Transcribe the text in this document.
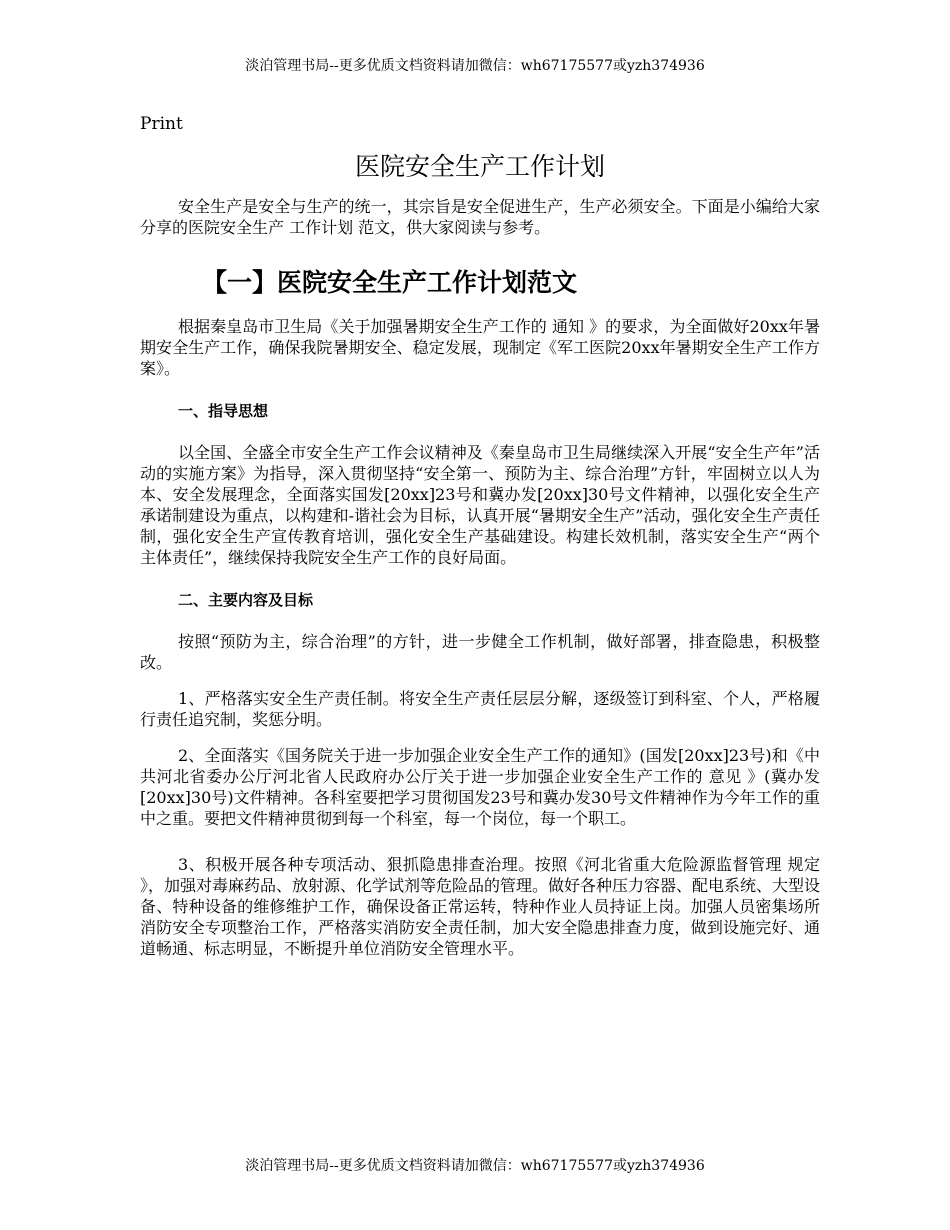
淡泊管理书局--更多优质文档资料请加微信：wh67175577或yzh374936
Print
医院安全生产工作计划

安全生产是安全与生产的统一，其宗旨是安全促进生产，生产必须安全。下面是小编给大家分享的医院安全生产 工作计划 范文，供大家阅读与参考。

【一】医院安全生产工作计划范文

根据秦皇岛市卫生局《关于加强暑期安全生产工作的 通知 》的要求，为全面做好20xx年暑期安全生产工作，确保我院暑期安全、稳定发展，现制定《军工医院20xx年暑期安全生产工作方案》。

一、指导思想

以全国、全盛全市安全生产工作会议精神及《秦皇岛市卫生局继续深入开展“安全生产年”活动的实施方案》为指导，深入贯彻坚持“安全第一、预防为主、综合治理”方针，牢固树立以人为本、安全发展理念，全面落实国发[20xx]23号和冀办发[20xx]30号文件精神，以强化安全生产承诺制建设为重点，以构建和-谐社会为目标，认真开展“暑期安全生产”活动，强化安全生产责任制，强化安全生产宣传教育培训，强化安全生产基础建设。构建长效机制，落实安全生产“两个主体责任”，继续保持我院安全生产工作的良好局面。

二、主要内容及目标

按照“预防为主，综合治理”的方针，进一步健全工作机制，做好部署，排查隐患，积极整改。

1、严格落实安全生产责任制。将安全生产责任层层分解，逐级签订到科室、个人，严格履行责任追究制，奖惩分明。

2、全面落实《国务院关于进一步加强企业安全生产工作的通知》(国发[20xx]23号)和《中共河北省委办公厅河北省人民政府办公厅关于进一步加强企业安全生产工作的 意见 》(冀办发[20xx]30号)文件精神。各科室要把学习贯彻国发23号和冀办发30号文件精神作为今年工作的重中之重。要把文件精神贯彻到每一个科室，每一个岗位，每一个职工。

3、积极开展各种专项活动、狠抓隐患排查治理。按照《河北省重大危险源监督管理 规定 》，加强对毒麻药品、放射源、化学试剂等危险品的管理。做好各种压力容器、配电系统、大型设备、特种设备的维修维护工作，确保设备正常运转，特种作业人员持证上岗。加强人员密集场所消防安全专项整治工作，严格落实消防安全责任制，加大安全隐患排查力度，做到设施完好、通道畅通、标志明显，不断提升单位消防安全管理水平。

淡泊管理书局--更多优质文档资料请加微信：wh67175577或yzh374936
